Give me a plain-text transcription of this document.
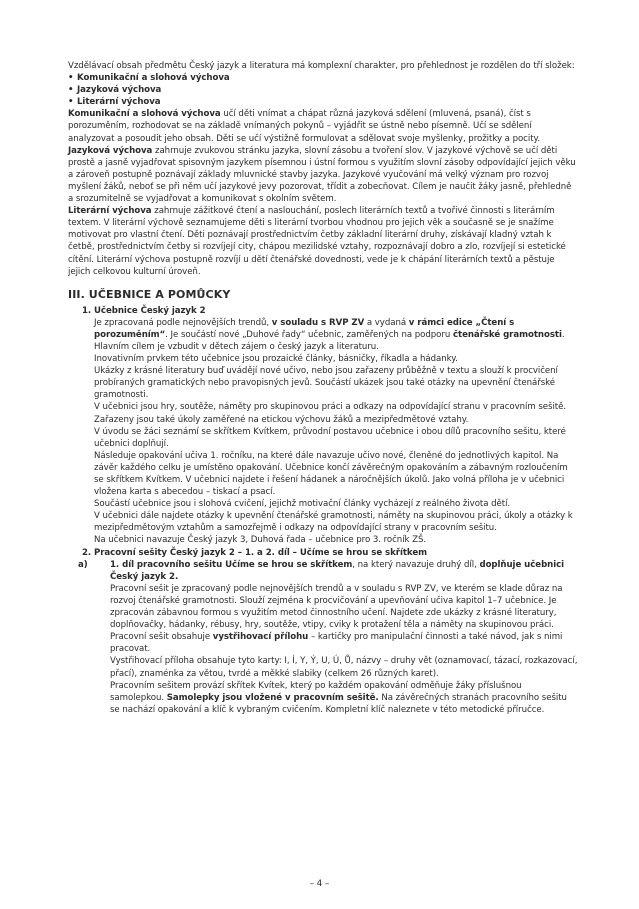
Vzdělávací obsah předmětu Český jazyk a literatura má komplexní charakter, pro přehlednost je rozdělen do tří složek:

• Komunikační a slohová výchova

• Jazyková výchova

• Literární výchova

Komunikační a slohová výchova učí děti vnímat a chápat různá jazyková sdělení (mluvená, psaná), číst s porozuměním, rozhodovat se na základě vnímaných pokynů – vyjádřit se ústně nebo písemně. Učí se sdělení analyzovat a posoudit jeho obsah. Děti se učí výstižně formulovat a sdělovat svoje myšlenky, prožitky a pocity.

Jazyková výchova zahrnuje zvukovou stránku jazyka, slovní zásobu a tvoření slov. V jazykové výchově se učí děti prostě a jasně vyjadřovat spisovným jazykem písemnou i ústní formou s využitím slovní zásoby odpovídající jejich věku a zároveň postupně poznávají základy mluvnické stavby jazyka. Jazykové vyučování má velký význam pro rozvoj myšlení žáků, neboť se při něm učí jazykové jevy pozorovat, třídit a zobecňovat. Cílem je naučit žáky jasně, přehledně a srozumitelně se vyjadřovat a komunikovat s okolním světem.

Literární výchova zahrnuje zážitkové čtení a naslouchání, poslech literárních textů a tvořivé činnosti s literárním textem. V literární výchově seznamujeme děti s literární tvorbou vhodnou pro jejich věk a současně se je snažíme motivovat pro vlastní čtení. Děti poznávají prostřednictvím četby základní literární druhy, získávají kladný vztah k četbě, prostřednictvím četby si rozvíjejí city, chápou mezilidské vztahy, rozpoznávají dobro a zlo, rozvíjejí si estetické cítění. Literární výchova postupně rozvíjí u dětí čtenářské dovednosti, vede je k chápání literárních textů a pěstuje jejich celkovou kulturní úroveň.

III. UČEBNICE A POMŮCKY

1. Učebnice Český jazyk 2

Je zpracovaná podle nejnovějších trendů, v souladu s RVP ZV a vydaná v rámci edice „Čtení s porozuměním“. Je součástí nové „Duhové řady“ učebnic, zaměřených na podporu čtenářské gramotnosti. Hlavním cílem je vzbudit v dětech zájem o český jazyk a literaturu.

Inovativním prvkem této učebnice jsou prozaické články, básničky, říkadla a hádanky.

Ukázky z krásné literatury buď uvádějí nové učivo, nebo jsou zařazeny průběžně v textu a slouží k procvičení probíraných gramatických nebo pravopisných jevů. Součástí ukázek jsou také otázky na upevnění čtenářské gramotnosti.

V učebnici jsou hry, soutěže, náměty pro skupinovou práci a odkazy na odpovídající stranu v pracovním sešitě. Zařazeny jsou také úkoly zaměřené na etickou výchovu žáků a mezipředmětové vztahy.

V úvodu se žáci seznámí se skřítkem Kvítkem, průvodní postavou učebnice i obou dílů pracovního sešitu, které učebnici doplňují.

Následuje opakování učiva 1. ročníku, na které dále navazuje učivo nové, členěné do jednotlivých kapitol. Na závěr každého celku je umístěno opakování. Učebnice končí závěrečným opakováním a zábavným rozloučením se skřítkem Kvítkem. V učebnici najdete i řešení hádanek a náročnějších úkolů. Jako volná příloha je v učebnici vložena karta s abecedou – tiskací a psací.

Součástí učebnice jsou i slohová cvičení, jejichž motivační články vycházejí z reálného života dětí.

V učebnici dále najdete otázky k upevnění čtenářské gramotnosti, náměty na skupinovou práci, úkoly a otázky k mezipředmětovým vztahům a samozřejmě i odkazy na odpovídající strany v pracovním sešitu.

Na učebnici navazuje Český jazyk 3, Duhová řada – učebnice pro 3. ročník ZŠ.

2. Pracovní sešity Český jazyk 2 – 1. a 2. díl – Učíme se hrou se skřítkem

a)	1. díl pracovního sešitu Učíme se hrou se skřítkem, na který navazuje druhý díl, doplňuje učebnici Český jazyk 2.

Pracovní sešit je zpracovaný podle nejnovějších trendů a v souladu s RVP ZV, ve kterém se klade důraz na rozvoj čtenářské gramotnosti. Slouží zejména k procvičování a upevňování učiva kapitol 1–7 učebnice. Je zpracován zábavnou formou s využitím metod činnostního učení. Najdete zde ukázky z krásné literatury, doplňovačky, hádanky, rébusy, hry, soutěže, vtipy, cviky k protažení těla a náměty na skupinovou práci.

Pracovní sešit obsahuje vystřihovací přílohu – kartičky pro manipulační činnosti a také návod, jak s nimi pracovat.

Vystřihovací příloha obsahuje tyto karty: I, Í, Y, Ý, U, Ú, Ů, názvy – druhy vět (oznamovací, tázací, rozkazovací, přací), znaménka za větou, tvrdé a měkké slabiky (celkem 26 různých karet).

Pracovním sešitem provází skřítek Kvítek, který po každém opakování odměňuje žáky příslušnou samolepkou. Samolepky jsou vložené v pracovním sešitě. Na závěrečných stranách pracovního sešitu se nachází opakování a klíč k vybraným cvičením. Kompletní klíč naleznete v této metodické příručce.

– 4 –
